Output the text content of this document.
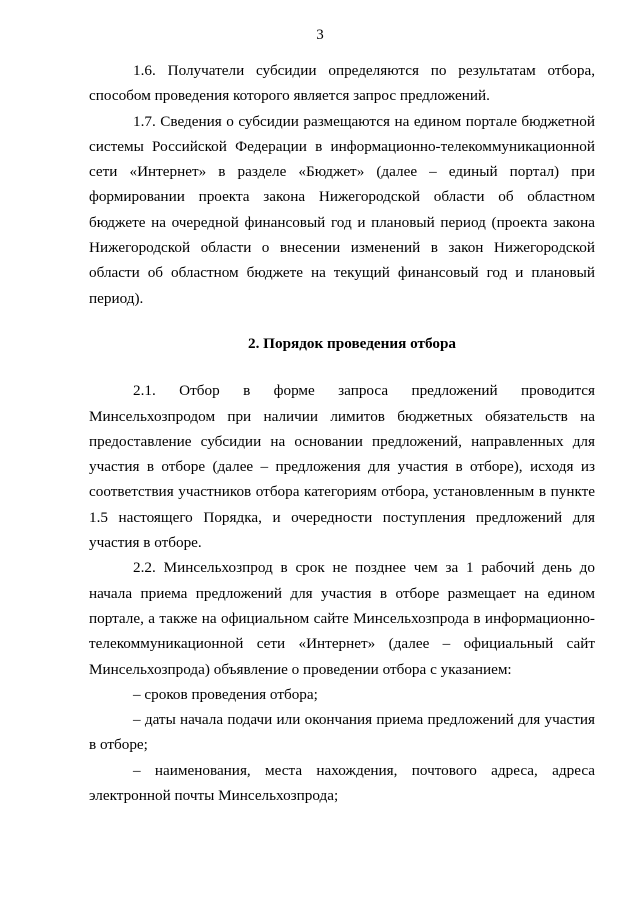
3

1.6. Получатели субсидии определяются по результатам отбора, способом проведения которого является запрос предложений.

1.7. Сведения о субсидии размещаются на едином портале бюджетной системы Российской Федерации в информационно-телекоммуникационной сети «Интернет» в разделе «Бюджет» (далее – единый портал) при формировании проекта закона Нижегородской области об областном бюджете на очередной финансовый год и плановый период (проекта закона Нижегородской области о внесении изменений в закон Нижегородской области об областном бюджете на текущий финансовый год и плановый период).

2. Порядок проведения отбора

2.1. Отбор в форме запроса предложений проводится Минсельхозпродом при наличии лимитов бюджетных обязательств на предоставление субсидии на основании предложений, направленных для участия в отборе (далее – предложения для участия в отборе), исходя из соответствия участников отбора категориям отбора, установленным в пункте 1.5 настоящего Порядка, и очередности поступления предложений для участия в отборе.

2.2. Минсельхозпрод в срок не позднее чем за 1 рабочий день до начала приема предложений для участия в отборе размещает на едином портале, а также на официальном сайте Минсельхозпрода в информационно-телекоммуникационной сети «Интернет» (далее – официальный сайт Минсельхозпрода) объявление о проведении отбора с указанием:

– сроков проведения отбора;

– даты начала подачи или окончания приема предложений для участия в отборе;

– наименования, места нахождения, почтового адреса, адреса электронной почты Минсельхозпрода;
